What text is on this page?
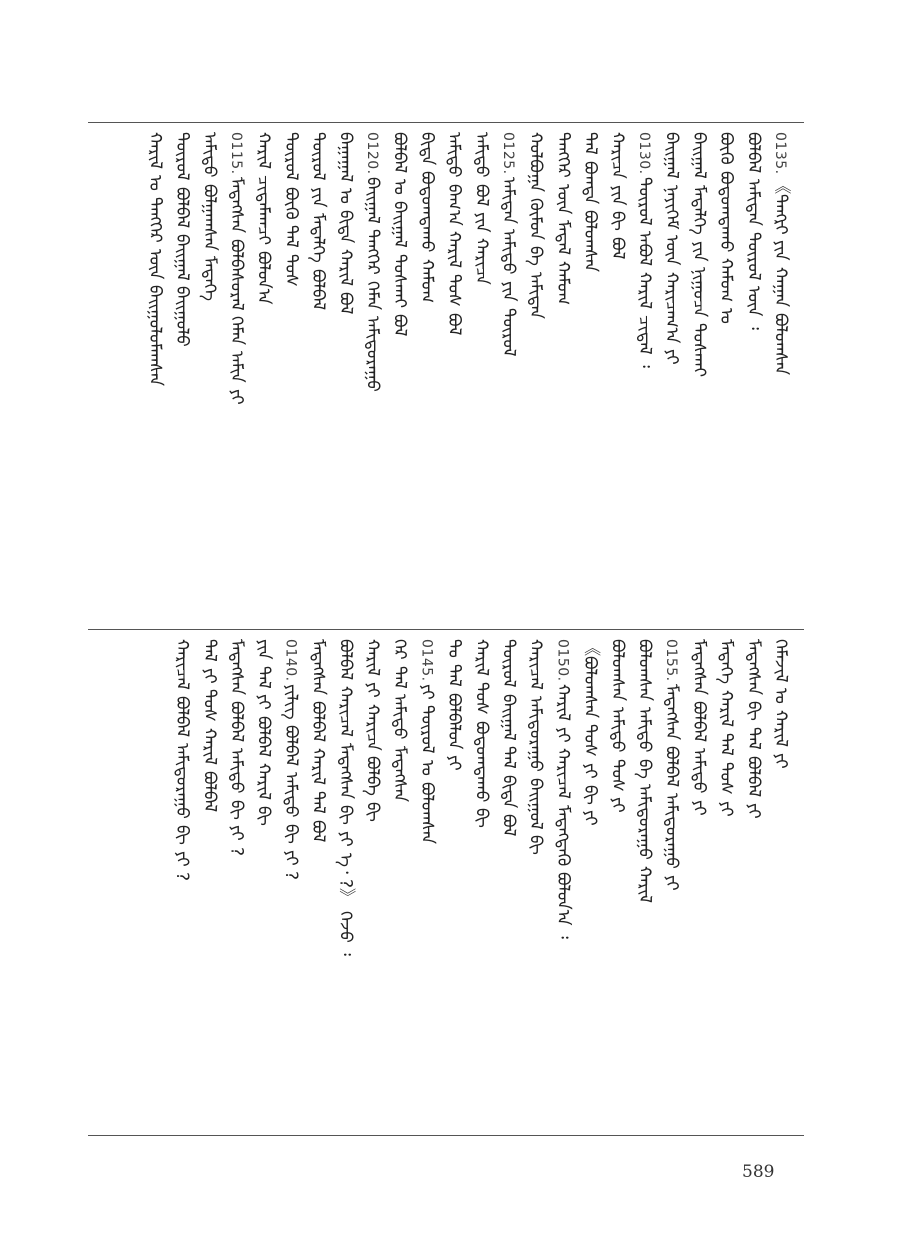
0135.
《ᠲᠡᠩᠷᠢ
ᠶᠢᠨ
ᠬᠠᠭᠠᠨ
ᠪᠣᠯᠤᠭᠰᠠᠨ
ᠪᠣᠯᠪᠠᠯ
ᠠᠮᠢᠲᠠᠨ
ᠲᠥᠷᠥᠯ
ᠦᠨ
᠄
ᠪᠦᠬᠦ
ᠪᠣᠳᠣᠭᠳᠠᠬᠤ
ᠬᠠᠮᠤᠭ
ᠤ
ᠪᠠᠢᠭᠠᠯ
ᠮᠡᠳᠡᠯᠭᠡ
ᠶᠢᠨ
ᠨᠢᠭᠤᠴᠠ
ᠲᠤᠰᠬᠠᠢ
ᠪᠠᠢᠭᠠᠯ
ᠨᠡᠶᠢᠭᠡᠮ
ᠦᠨ
ᠬᠠᠷᠢᠴᠠᠭ᠎ᠠ
ᠶᠢ
0130.
ᠲᠦᠷᠦᠯ
ᠠᠪᠤᠯ
ᠬᠠᠷᠢᠯ
ᠴᠢᠳᠠᠯ
᠄
ᠬᠠᠷᠢᠴᠠ
ᠶᠢᠨ
ᠪᠢ
ᠪᠣᠯ
ᠲᠠᠯ
ᠪᠣᠭᠳᠠ
ᠪᠣᠯᠤᠭᠰᠠᠨ
ᠲᠡᠩᠭᠡᠷ
ᠦᠨ
ᠮᠡᠳᠡᠯ
ᠬᠠᠮᠤᠭ
ᠬᠣᠯᠪᠣᠭᠠ
ᠬᠦᠮᠦᠨ
ᠪᠠ
ᠠᠮᠢᠲᠠᠨ
0125.
ᠠᠮᠢᠲᠠᠨ
ᠠᠮᠢᠳᠤ
ᠶᠢᠨ
ᠲᠥᠷᠥᠯ
ᠠᠮᠢᠳᠤ
ᠪᠣᠯ
ᠶᠢᠨ
ᠬᠠᠷᠢᠴᠠ
ᠠᠮᠢᠳᠤ
ᠪᠠᠭ᠎ᠠ
ᠬᠠᠷᠢᠯ
ᠲᠤᠰ
ᠪᠣᠯ
ᠪᠢᠳᠡ
ᠪᠣᠳᠣᠭᠳᠠᠬᠤ
ᠬᠠᠮᠤᠭ
ᠪᠣᠯᠪᠠᠯ
ᠤ
ᠪᠠᠢᠭᠠᠯ
ᠲᠤᠰᠬᠠᠢ
ᠪᠣᠯ
0120.
ᠪᠠᠢᠭᠠᠯ
ᠲᠡᠩᠭᠡᠷ
ᠬᠡᠮᠡᠨ
ᠠᠮᠢᠳᠤᠷᠠᠭᠤ
ᠪᠠᠭᠠᠭᠠᠯ
ᠤ
ᠪᠢᠳᠡ
ᠬᠠᠷᠢᠯ
ᠪᠣᠯ
ᠲᠦᠷᠦᠯ
ᠶᠢᠨ
ᠮᠡᠳᠡᠯᠭᠡ
ᠪᠣᠯᠪᠠᠯ
ᠲᠦᠷᠦᠯ
ᠪᠦᠬᠦ
ᠲᠠᠯ
ᠲᠤᠰ
ᠬᠠᠷᠢᠯ
ᠴᠢᠳᠠᠮᠠᠭᠴᠢ
ᠪᠣᠯᠤᠨ᠎ᠠ
0115.
ᠮᠡᠳᠡᠭᠰᠡᠨ
ᠪᠣᠯᠪᠠᠰᠤᠷᠠᠯ
ᠬᠡᠮᠡᠨ
ᠠᠮᠢᠨ
ᠶᠢ
ᠠᠮᠢᠳᠤ
ᠪᠣᠯᠭᠠᠭᠰᠠᠨ
ᠮᠡᠳᠡᠭᠡ
ᠲᠦᠷᠦᠯ
ᠪᠣᠯᠪᠠᠯ
ᠪᠠᠢᠭᠠᠯ
ᠪᠠᠢᠭᠤᠯᠤ
ᠬᠠᠷᠢᠯ
ᠤ
ᠲᠡᠩᠭᠡᠷ
ᠦᠨ
ᠪᠠᠢᠭᠤᠯᠤᠮᠠᠭᠰᠠᠨ
ᠬᠡᠮᠡᠵᠢᠯ
ᠤ
ᠬᠠᠷᠢᠯ
ᠶᠢ
ᠮᠡᠳᠡᠭᠰᠡᠨ
ᠪᠢ
ᠲᠠᠯ
ᠪᠣᠯᠪᠠᠯ
ᠶᠢ
ᠮᠡᠳᠡᠭᠡ
ᠬᠠᠷᠢᠯ
ᠲᠠᠯ
ᠲᠤᠰ
ᠶᠢ
ᠮᠡᠳᠡᠭᠰᠡᠨ
ᠪᠣᠯᠪᠠᠯ
ᠠᠮᠢᠳᠤ
ᠶᠢ
0155.
ᠮᠡᠳᠡᠭᠰᠡᠨ
ᠪᠣᠯᠪᠠᠯ
ᠠᠮᠢᠳᠤᠷᠠᠭᠤ
ᠶᠢ
ᠪᠣᠯᠤᠭᠰᠠᠨ
ᠠᠮᠢᠳᠤ
ᠪᠠ
ᠠᠮᠢᠳᠤᠷᠠᠭᠤ
ᠬᠠᠷᠢᠯ
ᠪᠣᠯᠤᠭᠰᠠᠨ
ᠠᠮᠢᠳᠤ
ᠲᠤᠰ
ᠶᠢ
《ᠪᠣᠯᠤᠭᠰᠠᠨ
ᠲᠤᠰ
ᠶᠢ
ᠪᠢ
ᠶᠢ
0150.
ᠬᠠᠷᠢᠯ
ᠶᠢ
ᠬᠠᠷᠢᠴᠠᠯ
ᠮᠡᠳᠡᠭᠳᠡᠬᠦ
ᠪᠣᠯᠤᠨ᠎ᠠ
᠄
ᠬᠠᠷᠢᠴᠠᠯ
ᠠᠮᠢᠳᠤᠷᠠᠭᠤ
ᠪᠠᠢᠭᠤᠯ
ᠪᠢ
ᠲᠦᠷᠦᠯ
ᠪᠠᠢᠭᠠᠯ
ᠲᠠᠯ
ᠪᠢᠳᠡ
ᠪᠣᠯ
ᠬᠠᠷᠢᠯ
ᠲᠤᠰ
ᠪᠣᠳᠣᠭᠳᠠᠬᠤ
ᠪᠢ
ᠲᠤ
ᠲᠠᠯ
ᠪᠣᠯᠪᠠᠯᠤᠨ
ᠶᠢ
0145.
ᠶᠢ
ᠲᠦᠷᠦᠯ
ᠤ
ᠪᠣᠯᠤᠭᠰᠠᠨ
ᠬᠡᠷ
ᠲᠠᠯ
ᠠᠮᠢᠳᠤ
ᠮᠡᠳᠡᠭᠰᠡᠨ
ᠬᠠᠷᠢᠯ
ᠶᠢ
ᠬᠠᠷᠢᠴᠠ
ᠪᠣᠯᠪᠠ
ᠪᠢ
ᠪᠣᠯᠪᠠᠯ
ᠬᠠᠷᠢᠴᠠᠯ
ᠮᠡᠳᠡᠭᠰᠡᠨ
ᠪᠢ
ᠶᠢ
ᠡ᠂
?》
ᠭᠡᠵᠦ
᠄
ᠮᠡᠳᠡᠭᠰᠡᠨ
ᠪᠣᠯᠪᠠᠯ
ᠬᠠᠷᠢᠯ
ᠲᠠᠯ
ᠪᠣᠯ
0140.
ᠶᠢᠯᠢᠭ
ᠪᠣᠯᠪᠠᠯ
ᠠᠮᠢᠳᠤ
ᠪᠢ
ᠶᠢ
?
ᠶᠢᠨ
ᠲᠠᠯ
ᠶᠢ
ᠪᠣᠯᠪᠠᠯ
ᠬᠠᠷᠢᠯ
ᠪᠢ
ᠮᠡᠳᠡᠭᠰᠡᠨ
ᠪᠣᠯᠪᠠᠯ
ᠠᠮᠢᠳᠤ
ᠪᠢ
ᠶᠢ
?
ᠲᠠᠯ
ᠶᠢ
ᠲᠤᠰ
ᠬᠠᠷᠢᠯ
ᠪᠣᠯᠪᠠᠯ
ᠬᠠᠷᠢᠴᠠᠯ
ᠪᠣᠯᠪᠠᠯ
ᠠᠮᠢᠳᠤᠷᠠᠭᠤ
ᠪᠢ
ᠶᠢ
?
589
